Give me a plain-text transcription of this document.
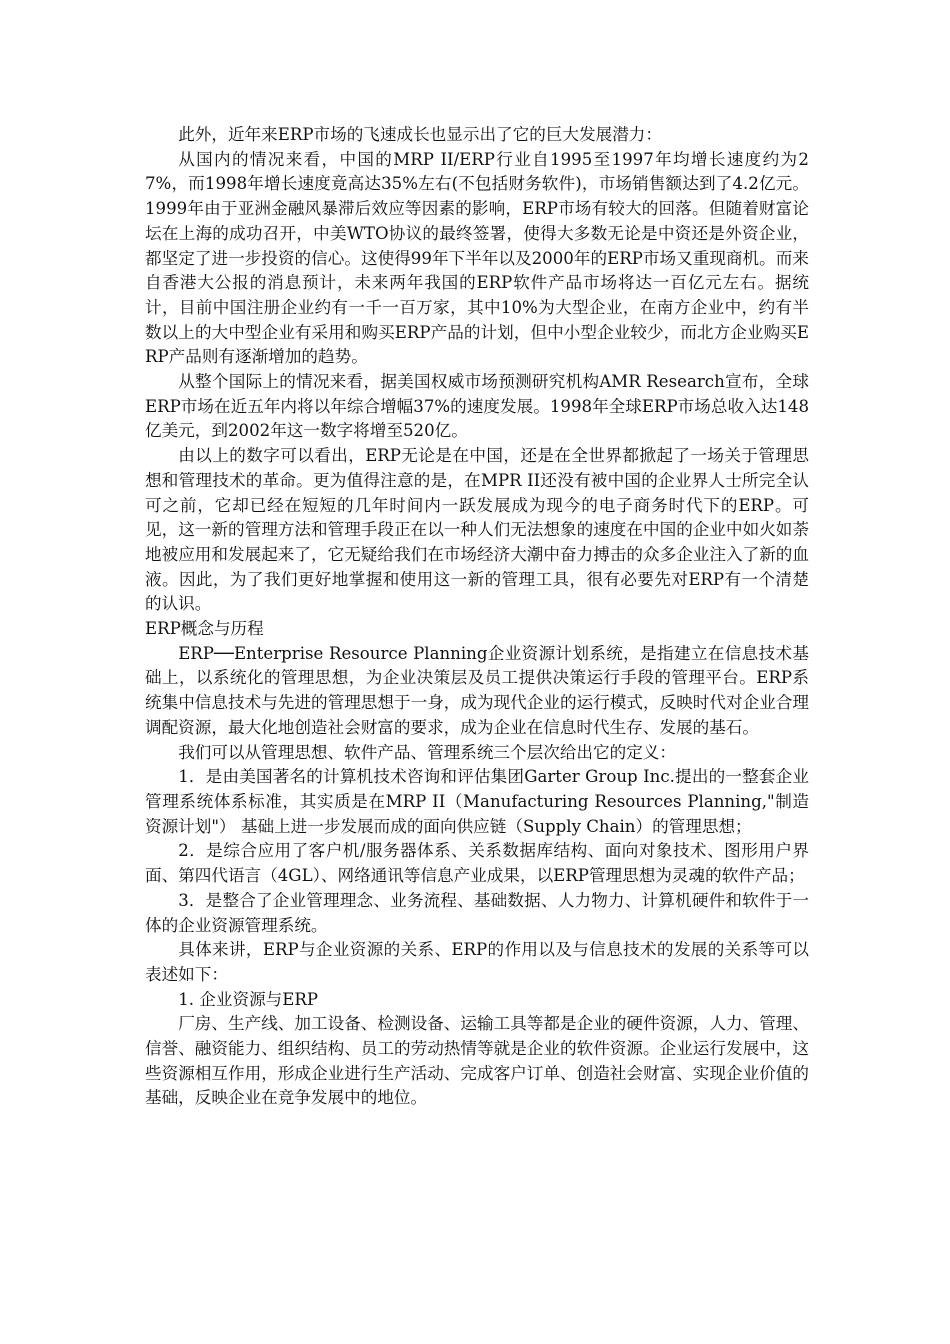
此外，近年来ERP市场的飞速成长也显示出了它的巨大发展潜力：

从国内的情况来看，中国的MRP II/ERP行业自1995至1997年均增长速度约为27%，而1998年增长速度竟高达35%左右(不包括财务软件)，市场销售额达到了4.2亿元。1999年由于亚洲金融风暴滞后效应等因素的影响，ERP市场有较大的回落。但随着财富论坛在上海的成功召开，中美WTO协议的最终签署，使得大多数无论是中资还是外资企业，都坚定了进一步投资的信心。这使得99年下半年以及2000年的ERP市场又重现商机。而来自香港大公报的消息预计，未来两年我国的ERP软件产品市场将达一百亿元左右。据统计，目前中国注册企业约有一千一百万家，其中10%为大型企业，在南方企业中，约有半数以上的大中型企业有采用和购买ERP产品的计划，但中小型企业较少，而北方企业购买ERP产品则有逐渐增加的趋势。

从整个国际上的情况来看，据美国权威市场预测研究机构AMR Research宣布，全球ERP市场在近五年内将以年综合增幅37%的速度发展。1998年全球ERP市场总收入达148亿美元，到2002年这一数字将增至520亿。

由以上的数字可以看出，ERP无论是在中国，还是在全世界都掀起了一场关于管理思想和管理技术的革命。更为值得注意的是，在MPR II还没有被中国的企业界人士所完全认可之前，它却已经在短短的几年时间内一跃发展成为现今的电子商务时代下的ERP。可见，这一新的管理方法和管理手段正在以一种人们无法想象的速度在中国的企业中如火如荼地被应用和发展起来了，它无疑给我们在市场经济大潮中奋力搏击的众多企业注入了新的血液。因此，为了我们更好地掌握和使用这一新的管理工具，很有必要先对ERP有一个清楚的认识。

ERP概念与历程

ERP──Enterprise Resource Planning企业资源计划系统，是指建立在信息技术基础上，以系统化的管理思想，为企业决策层及员工提供决策运行手段的管理平台。ERP系统集中信息技术与先进的管理思想于一身，成为现代企业的运行模式，反映时代对企业合理调配资源，最大化地创造社会财富的要求，成为企业在信息时代生存、发展的基石。

我们可以从管理思想、软件产品、管理系统三个层次给出它的定义：

1．是由美国著名的计算机技术咨询和评估集团Garter Group Inc.提出的一整套企业管理系统体系标准，其实质是在MRP II（Manufacturing Resources Planning,"制造资源计划"） 基础上进一步发展而成的面向供应链（Supply Chain）的管理思想；

2．是综合应用了客户机/服务器体系、关系数据库结构、面向对象技术、图形用户界面、第四代语言（4GL）、网络通讯等信息产业成果，以ERP管理思想为灵魂的软件产品；

3．是整合了企业管理理念、业务流程、基础数据、人力物力、计算机硬件和软件于一体的企业资源管理系统。

具体来讲，ERP与企业资源的关系、ERP的作用以及与信息技术的发展的关系等可以表述如下：

1. 企业资源与ERP

厂房、生产线、加工设备、检测设备、运输工具等都是企业的硬件资源，人力、管理、信誉、融资能力、组织结构、员工的劳动热情等就是企业的软件资源。企业运行发展中，这些资源相互作用，形成企业进行生产活动、完成客户订单、创造社会财富、实现企业价值的基础，反映企业在竞争发展中的地位。
